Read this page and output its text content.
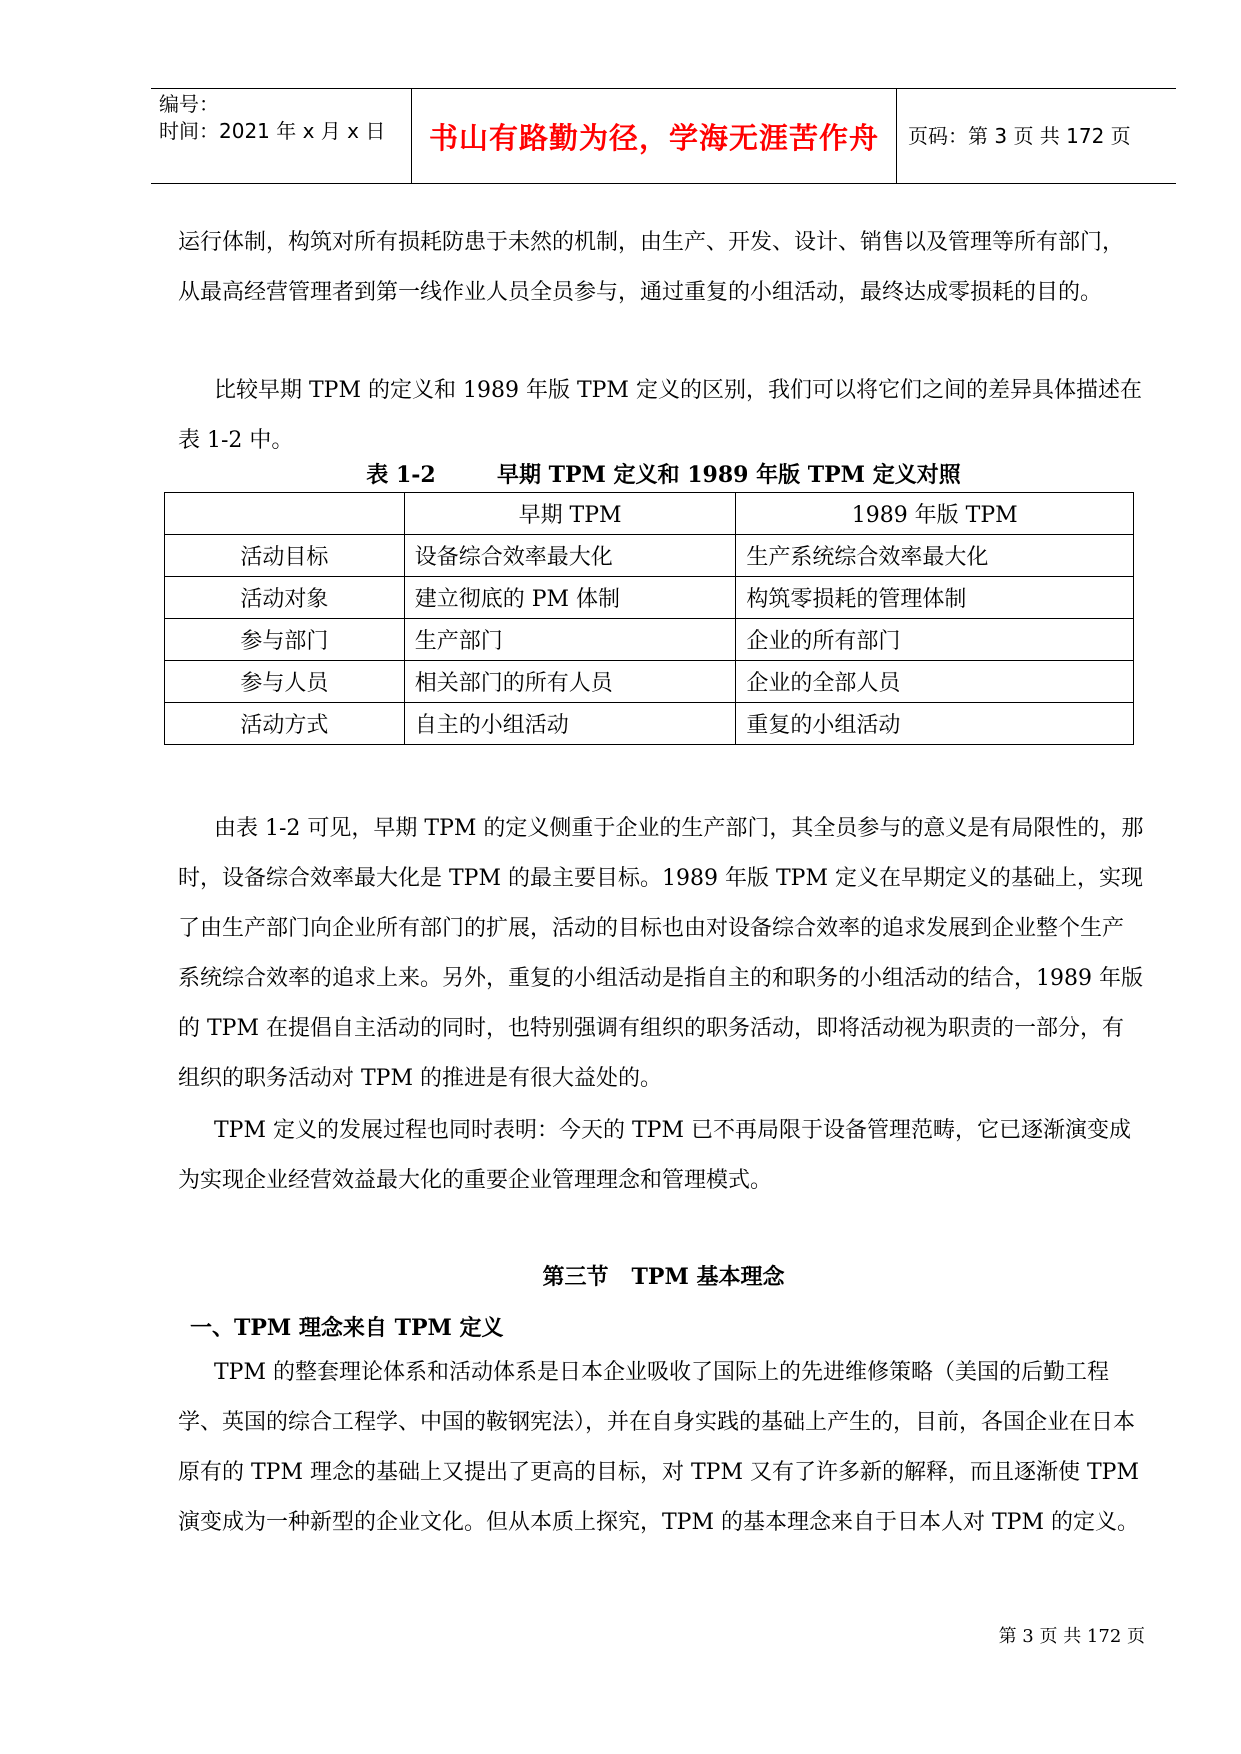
编号：
时间：2021 年 x 月 x 日 书山有路勤为径，学海无涯苦作舟	页码：第 3 页 共 172 页

运行体制，构筑对所有损耗防患于未然的机制，由生产、开发、设计、销售以及管理等所有部门，从最高经营管理者到第一线作业人员全员参与，通过重复的小组活动，最终达成零损耗的目的。

比较早期 TPM 的定义和 1989 年版 TPM 定义的区别，我们可以将它们之间的差异具体描述在表 1-2 中。

表 1-2        早期 TPM 定义和 1989 年版 TPM 定义对照

	早期 TPM	1989 年版 TPM
活动目标	设备综合效率最大化	生产系统综合效率最大化
活动对象	建立彻底的 PM 体制	构筑零损耗的管理体制
参与部门	生产部门	企业的所有部门
参与人员	相关部门的所有人员	企业的全部人员
活动方式	自主的小组活动	重复的小组活动

由表 1-2 可见，早期 TPM 的定义侧重于企业的生产部门，其全员参与的意义是有局限性的，那时，设备综合效率最大化是 TPM 的最主要目标。1989 年版 TPM 定义在早期定义的基础上，实现了由生产部门向企业所有部门的扩展，活动的目标也由对设备综合效率的追求发展到企业整个生产系统综合效率的追求上来。另外，重复的小组活动是指自主的和职务的小组活动的结合，1989 年版的 TPM 在提倡自主活动的同时，也特别强调有组织的职务活动，即将活动视为职责的一部分，有组织的职务活动对 TPM 的推进是有很大益处的。

TPM 定义的发展过程也同时表明：今天的 TPM 已不再局限于设备管理范畴，它已逐渐演变成为实现企业经营效益最大化的重要企业管理理念和管理模式。

第三节   TPM 基本理念

一、TPM 理念来自 TPM 定义

TPM 的整套理论体系和活动体系是日本企业吸收了国际上的先进维修策略（美国的后勤工程学、英国的综合工程学、中国的鞍钢宪法），并在自身实践的基础上产生的，目前，各国企业在日本原有的 TPM 理念的基础上又提出了更高的目标，对 TPM 又有了许多新的解释，而且逐渐使 TPM 演变成为一种新型的企业文化。但从本质上探究，TPM 的基本理念来自于日本人对 TPM 的定义。

第 3 页 共 172 页
